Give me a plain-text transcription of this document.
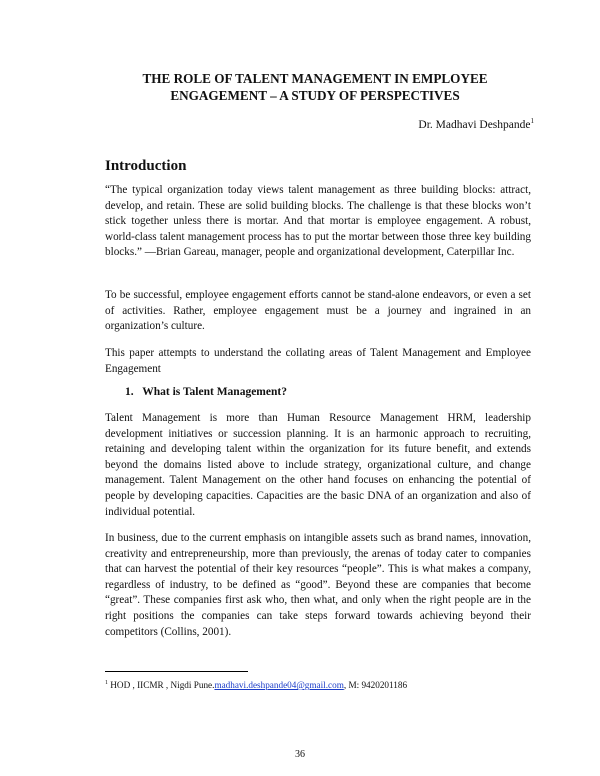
THE ROLE OF TALENT MANAGEMENT IN EMPLOYEE
ENGAGEMENT – A STUDY OF PERSPECTIVES
Dr. Madhavi Deshpande$^1$
Introduction

“The typical organization today views talent management as three building blocks: attract, develop, and retain. These are solid building blocks. The challenge is that these blocks won’t stick together unless there is mortar. And that mortar is employee engagement. A robust, world-class talent management process has to put the mortar between those three key building blocks.” —Brian Gareau, manager, people and organizational development, Caterpillar Inc.

To be successful, employee engagement efforts cannot be stand-alone endeavors, or even a set of activities. Rather, employee engagement must be a journey and ingrained in an organization’s culture.

This paper attempts to understand the collating areas of Talent Management and Employee Engagement

1. What is Talent Management?

Talent Management is more than Human Resource Management HRM, leadership development initiatives or succession planning. It is an harmonic approach to recruiting, retaining and developing talent within the organization for its future benefit, and extends beyond the domains listed above to include strategy, organizational culture, and change management. Talent Management on the other hand focuses on enhancing the potential of people by developing capacities. Capacities are the basic DNA of an organization and also of individual potential.

In business, due to the current emphasis on intangible assets such as brand names, innovation, creativity and entrepreneurship, more than previously, the arenas of today cater to companies that can harvest the potential of their key resources “people”. This is what makes a company, regardless of industry, to be defined as “good”. Beyond these are companies that become “great”. These companies first ask who, then what, and only when the right people are in the right positions the companies can take steps forward towards achieving beyond their competitors (Collins, 2001).

$^1$ HOD , IICMR , Nigdi Pune.madhavi.deshpande04@gmail.com, M: 9420201186
36
